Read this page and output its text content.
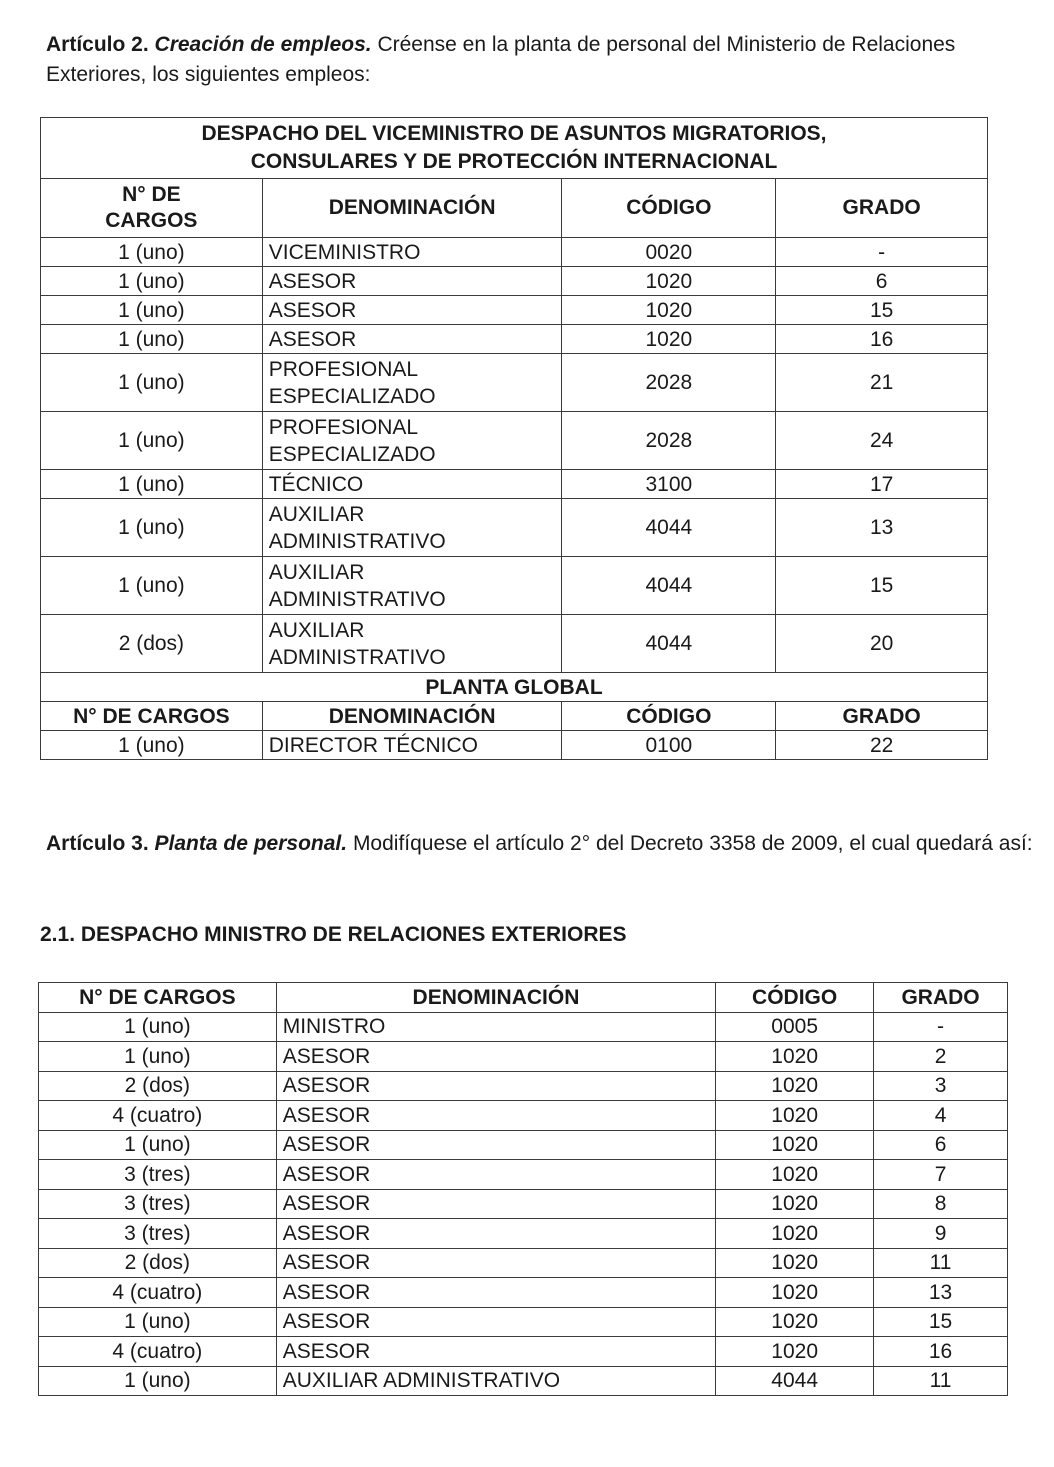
Artículo 2. Creación de empleos. Créense en la planta de personal del Ministerio de Relaciones Exteriores, los siguientes empleos:
DESPACHO DEL VICEMINISTRO DE ASUNTOS MIGRATORIOS,
CONSULARES Y DE PROTECCIÓN INTERNACIONAL			
N° DE
CARGOS	DENOMINACIÓN	CÓDIGO	GRADO
1 (uno)	VICEMINISTRO	0020	-
1 (uno)	ASESOR	1020	6
1 (uno)	ASESOR	1020	15
1 (uno)	ASESOR	1020	16
1 (uno)	PROFESIONAL
ESPECIALIZADO	2028	21
1 (uno)	PROFESIONAL
ESPECIALIZADO	2028	24
1 (uno)	TÉCNICO	3100	17
1 (uno)	AUXILIAR
ADMINISTRATIVO	4044	13
1 (uno)	AUXILIAR
ADMINISTRATIVO	4044	15
2 (dos)	AUXILIAR
ADMINISTRATIVO	4044	20
PLANTA GLOBAL			
N° DE CARGOS	DENOMINACIÓN	CÓDIGO	GRADO
1 (uno)	DIRECTOR TÉCNICO	0100	22
Artículo 3. Planta de personal. Modifíquese el artículo 2° del Decreto 3358 de 2009, el cual quedará así:
2.1. DESPACHO MINISTRO DE RELACIONES EXTERIORES
N° DE CARGOS	DENOMINACIÓN	CÓDIGO	GRADO
1 (uno)	MINISTRO	0005	-
1 (uno)	ASESOR	1020	2
2 (dos)	ASESOR	1020	3
4 (cuatro)	ASESOR	1020	4
1 (uno)	ASESOR	1020	6
3 (tres)	ASESOR	1020	7
3 (tres)	ASESOR	1020	8
3 (tres)	ASESOR	1020	9
2 (dos)	ASESOR	1020	11
4 (cuatro)	ASESOR	1020	13
1 (uno)	ASESOR	1020	15
4 (cuatro)	ASESOR	1020	16
1 (uno)	AUXILIAR ADMINISTRATIVO	4044	11
